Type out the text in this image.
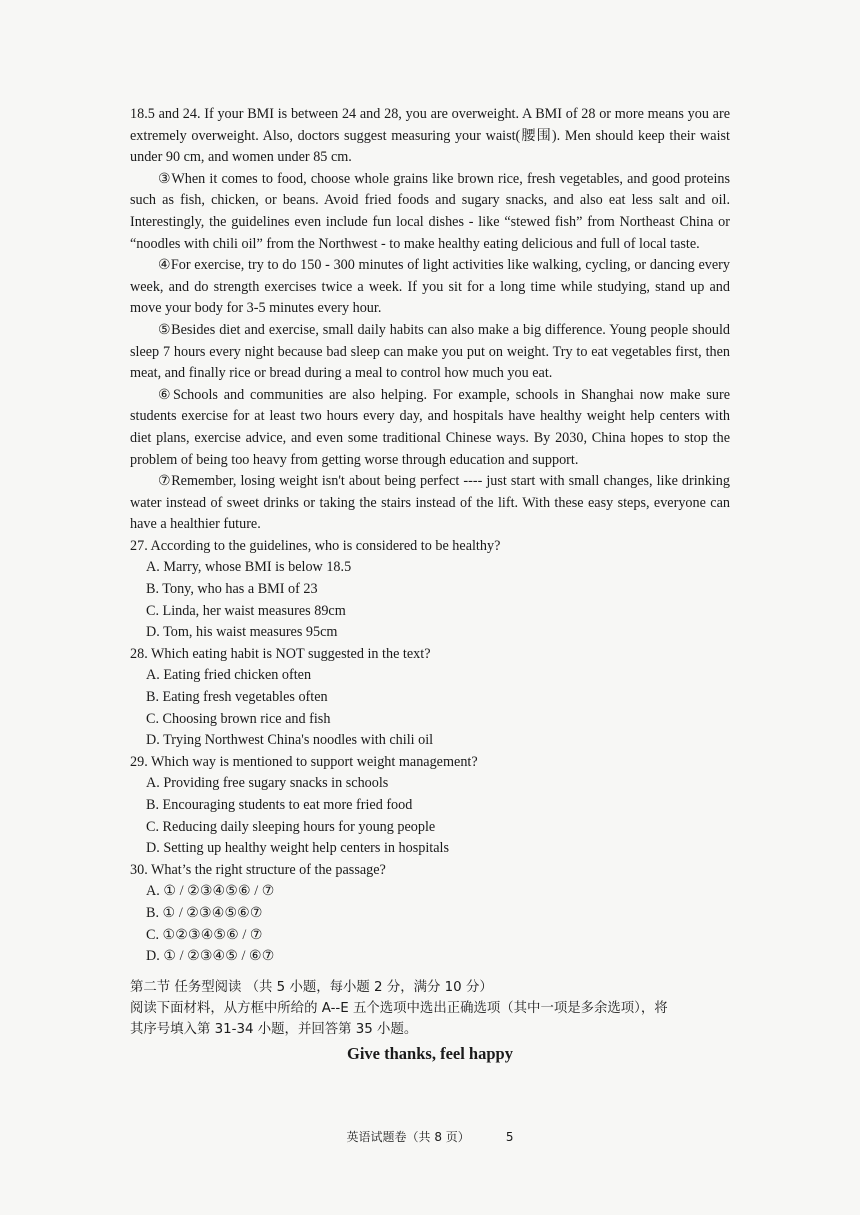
18.5 and 24. If your BMI is between 24 and 28, you are overweight. A BMI of 28 or more means you are extremely overweight. Also, doctors suggest measuring your waist(腰围). Men should keep their waist under 90 cm, and women under 85 cm.

③When it comes to food, choose whole grains like brown rice, fresh vegetables, and good proteins such as fish, chicken, or beans. Avoid fried foods and sugary snacks, and also eat less salt and oil. Interestingly, the guidelines even include fun local dishes - like “stewed fish” from Northeast China or “noodles with chili oil” from the Northwest - to make healthy eating delicious and full of local taste.

④For exercise, try to do 150 - 300 minutes of light activities like walking, cycling, or dancing every week, and do strength exercises twice a week. If you sit for a long time while studying, stand up and move your body for 3-5 minutes every hour.

⑤Besides diet and exercise, small daily habits can also make a big difference. Young people should sleep 7 hours every night because bad sleep can make you put on weight. Try to eat vegetables first, then meat, and finally rice or bread during a meal to control how much you eat.

⑥Schools and communities are also helping. For example, schools in Shanghai now make sure students exercise for at least two hours every day, and hospitals have healthy weight help centers with diet plans, exercise advice, and even some traditional Chinese ways. By 2030, China hopes to stop the problem of being too heavy from getting worse through education and support.

⑦Remember, losing weight isn't about being perfect ---- just start with small changes, like drinking water instead of sweet drinks or taking the stairs instead of the lift. With these easy steps, everyone can have a healthier future.

27. According to the guidelines, who is considered to be healthy?

A. Marry, whose BMI is below 18.5

B. Tony, who has a BMI of 23

C. Linda, her waist measures 89cm

D. Tom, his waist measures 95cm

28. Which eating habit is NOT suggested in the text?

A. Eating fried chicken often

B. Eating fresh vegetables often

C. Choosing brown rice and fish

D. Trying Northwest China's noodles with chili oil

29. Which way is mentioned to support weight management?

A. Providing free sugary snacks in schools

B. Encouraging students to eat more fried food

C. Reducing daily sleeping hours for young people

D. Setting up healthy weight help centers in hospitals

30. What’s the right structure of the passage?

A. ① / ②③④⑤⑥ / ⑦

B. ① / ②③④⑤⑥⑦

C. ①②③④⑤⑥ / ⑦

D. ① / ②③④⑤ / ⑥⑦

第二节 任务型阅读 （共 5 小题，每小题 2 分，满分 10 分）

阅读下面材料，从方框中所给的 A--E 五个选项中选出正确选项（其中一项是多余选项），将

其序号填入第 31-34 小题，并回答第 35 小题。

Give thanks, feel happy
英语试题卷（共 8 页）	5
